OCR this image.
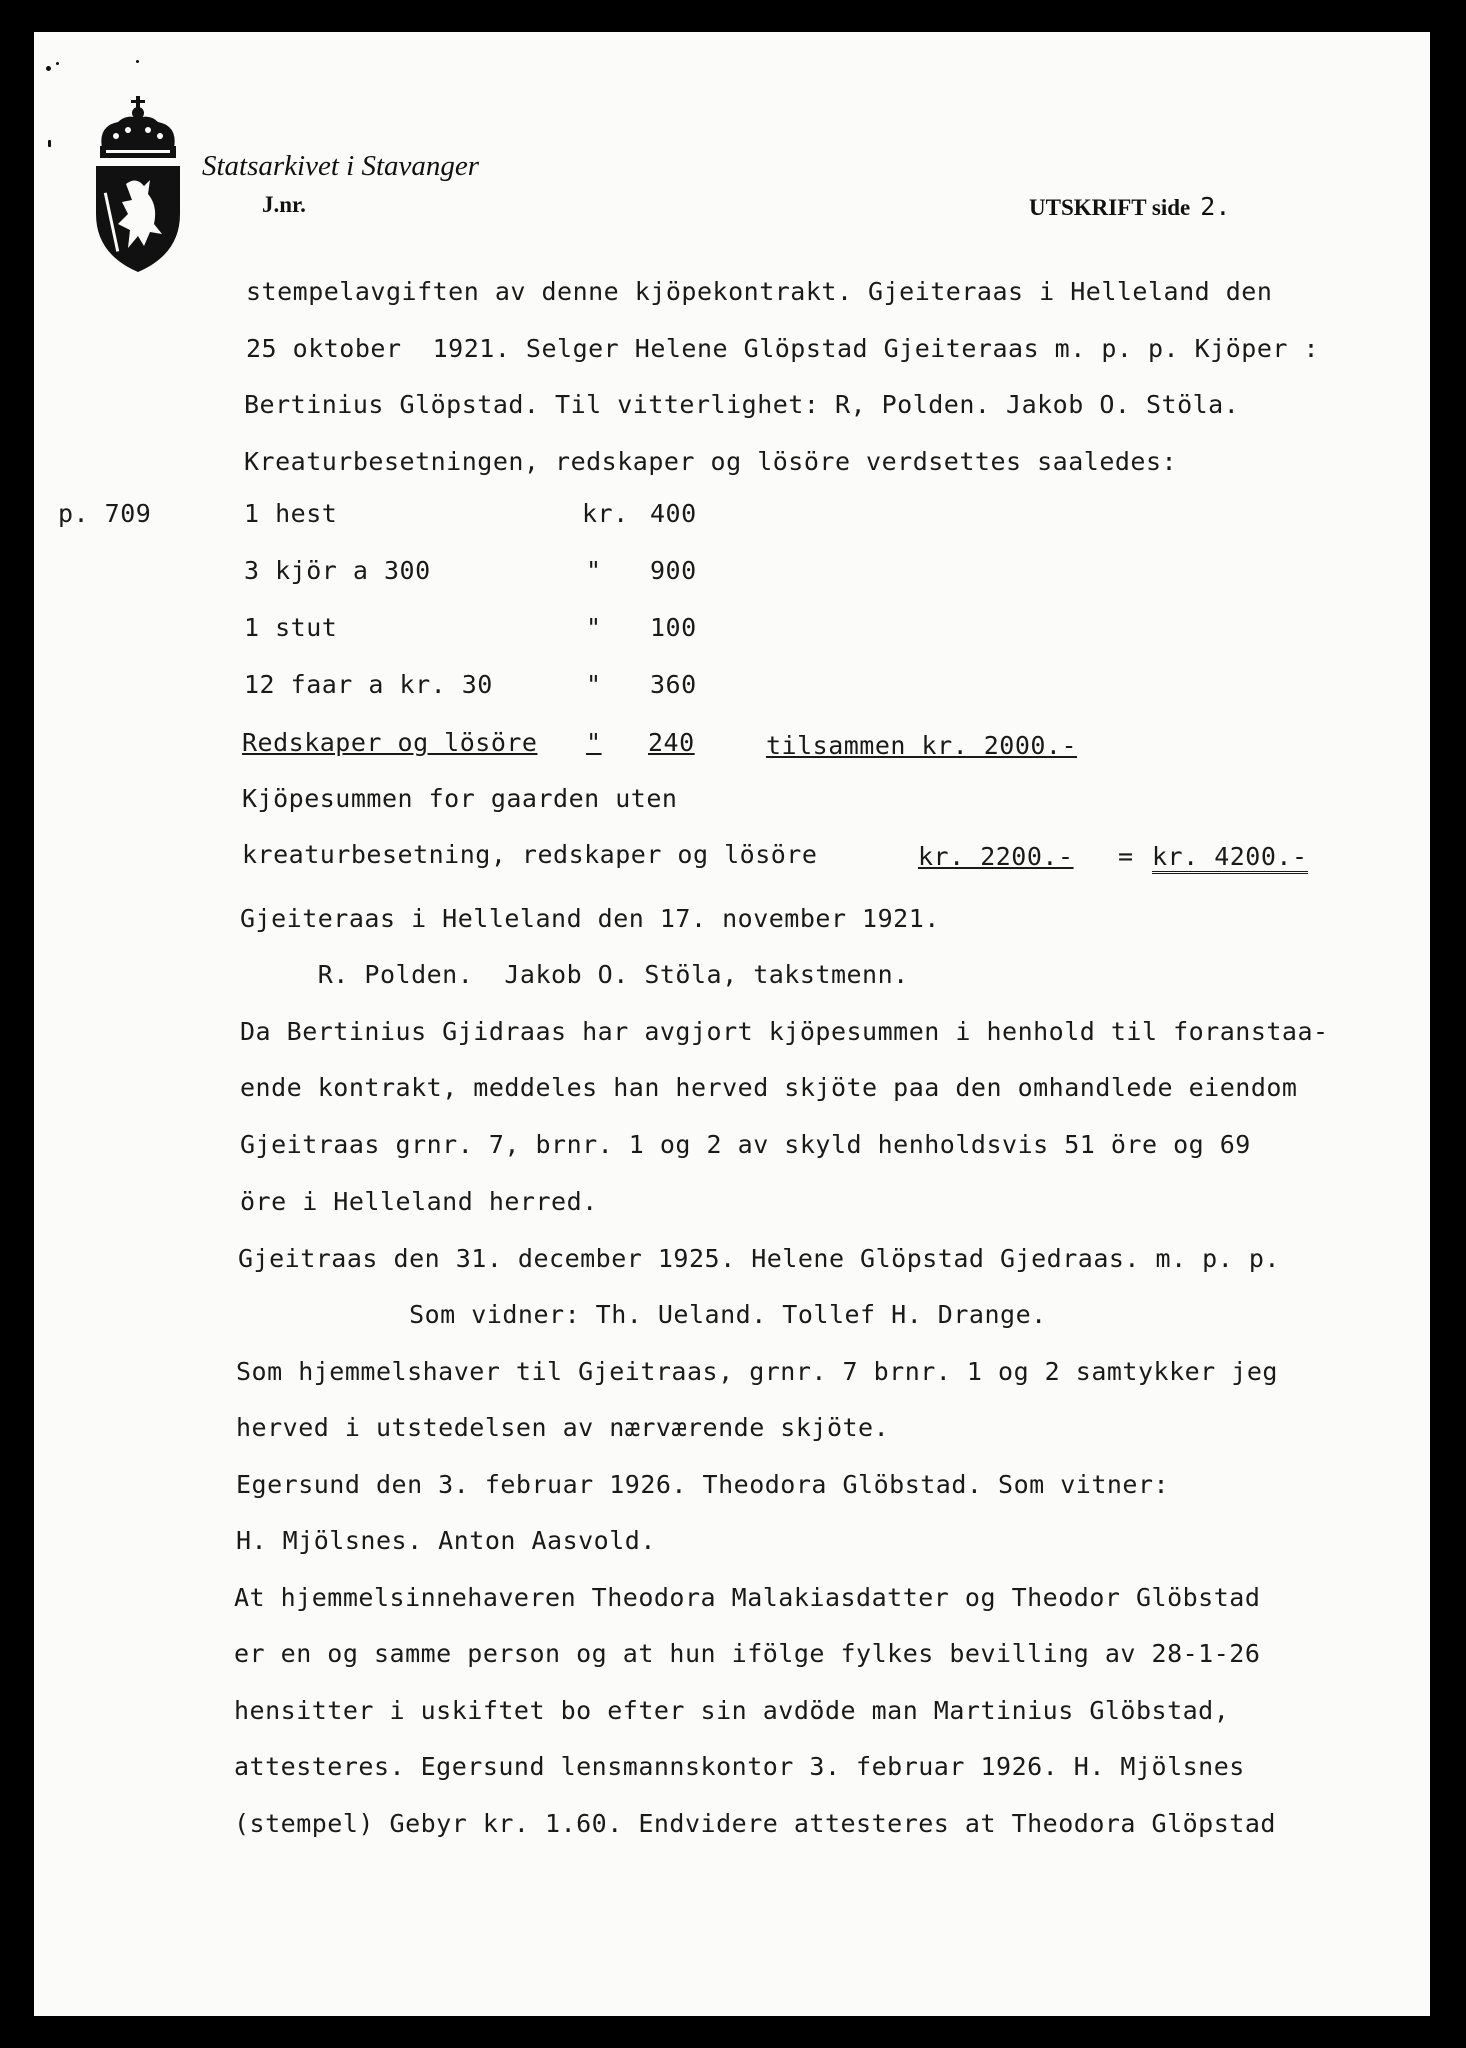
Statsarkivet i Stavanger
J.nr.	UTSKRIFT side 2.
stempelavgiften av denne kjöpekontrakt. Gjeiteraas i Helleland den
25 oktober  1921. Selger Helene Glöpstad Gjeiteraas m. p. p. Kjöper :
Bertinius Glöpstad. Til vitterlighet: R, Polden. Jakob O. Stöla.
Kreaturbesetningen, redskaper og lösöre verdsettes saaledes:
p. 709	1 hest	kr. 400
3 kjör a 300	" 900
1 stut	" 100
12 faar a kr. 30	" 360
Redskaper og lösöre " 240	tilsammen kr. 2000.-
Kjöpesummen for gaarden uten
kreaturbesetning, redskaper og lösöre	kr. 2200.- = kr. 4200.-
Gjeiteraas i Helleland den 17. november 1921.
R. Polden.  Jakob O. Stöla, takstmenn.
Da Bertinius Gjidraas har avgjort kjöpesummen i henhold til foranstaa-
ende kontrakt, meddeles han herved skjöte paa den omhandlede eiendom
Gjeitraas grnr. 7, brnr. 1 og 2 av skyld henholdsvis 51 öre og 69
öre i Helleland herred.
Gjeitraas den 31. december 1925. Helene Glöpstad Gjedraas. m. p. p.
Som vidner: Th. Ueland. Tollef H. Drange.
Som hjemmelshaver til Gjeitraas, grnr. 7 brnr. 1 og 2 samtykker jeg
herved i utstedelsen av nærværende skjöte.
Egersund den 3. februar 1926. Theodora Glöbstad. Som vitner:
H. Mjölsnes. Anton Aasvold.
At hjemmelsinnehaveren Theodora Malakiasdatter og Theodor Glöbstad
er en og samme person og at hun ifölge fylkes bevilling av 28-1-26
hensitter i uskiftet bo efter sin avdöde man Martinius Glöbstad,
attesteres. Egersund lensmannskontor 3. februar 1926. H. Mjölsnes
(stempel) Gebyr kr. 1.60. Endvidere attesteres at Theodora Glöpstad
